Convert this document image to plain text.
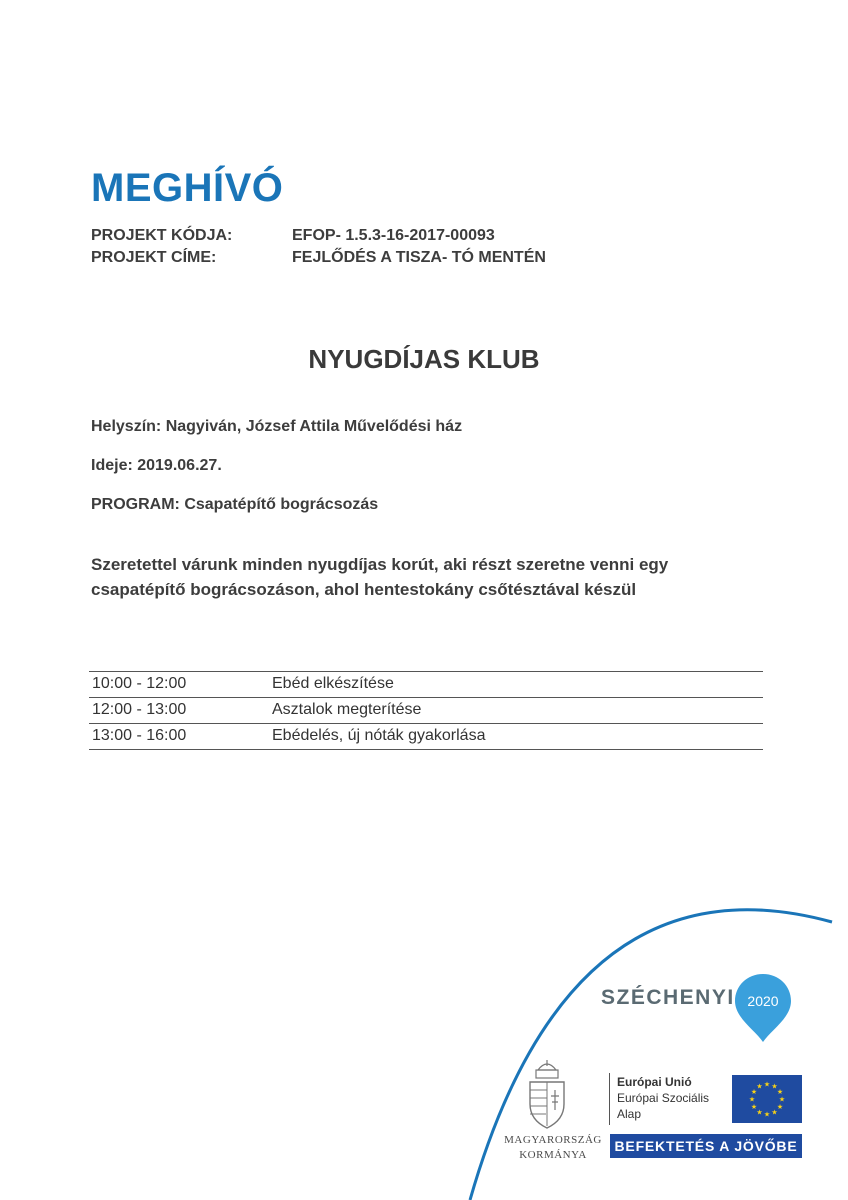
MEGHÍVÓ
PROJEKT KÓDJA:	EFOP- 1.5.3-16-2017-00093
PROJEKT CÍME:	FEJLŐDÉS A TISZA- TÓ MENTÉN
NYUGDÍJAS KLUB
Helyszín: Nagyiván, József Attila Művelődési ház
Ideje: 2019.06.27.
PROGRAM: Csapatépítő bográcsozás
Szeretettel várunk minden nyugdíjas korút, aki részt szeretne venni egy
csapatépítő bográcsozáson, ahol hentestokány csőtésztával készül
10:00 - 12:00	Ebéd elkészítése
12:00 - 13:00	Asztalok megterítése
13:00 - 16:00	Ebédelés, új nóták gyakorlása
SZÉCHENYI 2020
MAGYARORSZÁG
KORMÁNYA
Európai Unió
Európai Szociális
Alap
★ ★
★
★
★
★
★
★
★
★
★
★
BEFEKTETÉS A JÖVŐBE
